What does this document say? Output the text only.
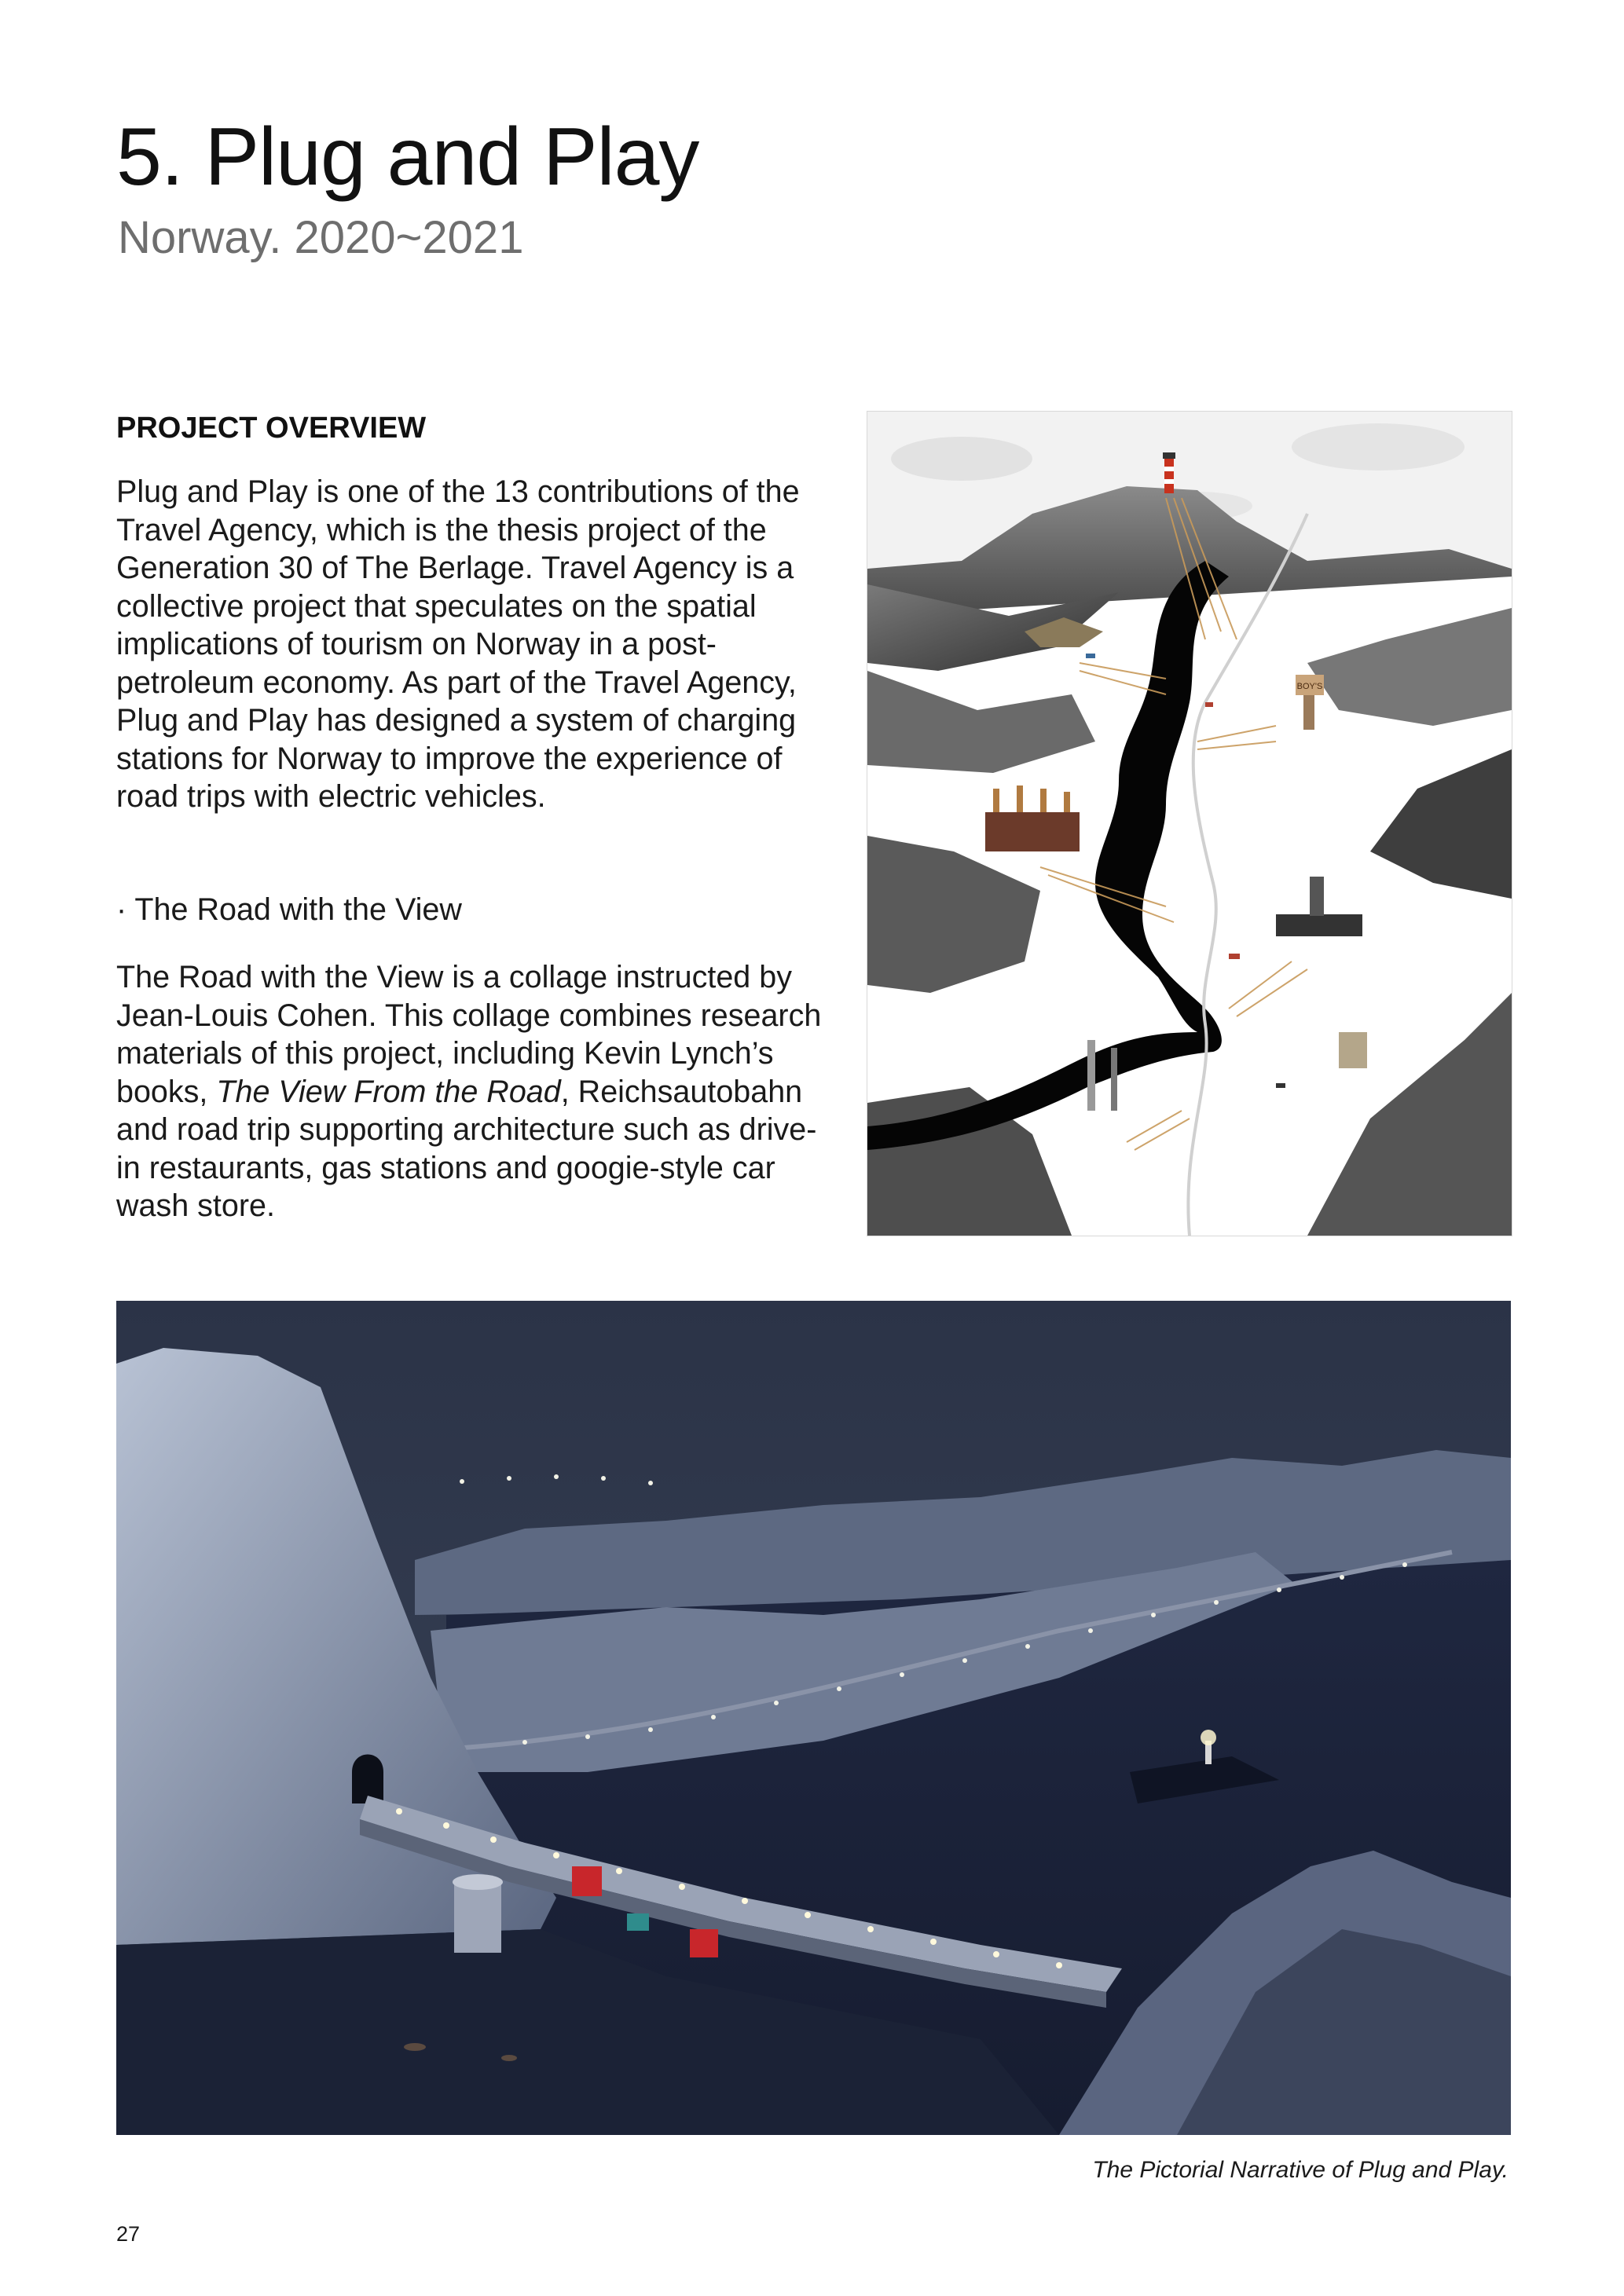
5. Plug and Play

Norway. 2020~2021

PROJECT OVERVIEW

Plug and Play is one of the 13 contributions of the Travel Agency, which is the thesis project of the Generation 30 of The Berlage. Travel Agency is a collective project that speculates on the spatial implications of tourism on Norway in a post-petroleum economy. As part of the Travel Agency, Plug and Play has designed a system of charging stations for Norway to improve the experience of road trips with electric vehicles.

· The Road with the View

The Road with the View is a collage instructed by Jean-Louis Cohen. This collage combines research materials of this project, including Kevin Lynch’s books, The View From the Road, Reichsautobahn and road trip supporting architecture such as drive-in restaurants, gas stations and googie-style car wash store.

BOY'S

The Pictorial Narrative of Plug and Play.

27
